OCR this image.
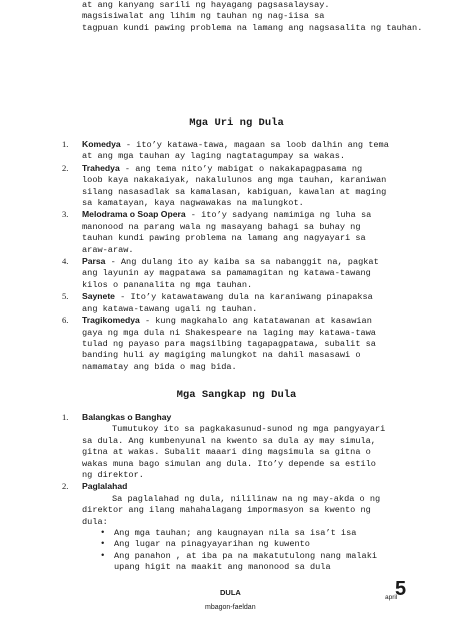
at ang kanyang sarili ng hayagang pagsasalaysay.
magsisiwalat ang lihim ng tauhan ng nag-iisa sa
tagpuan kundi pawing problema na lamang ang nagsasalita ng tauhan.
Mga Uri ng Dula
1. Komedya - ito’y katawa-tawa, magaan sa loob dalhin ang tema
at ang mga tauhan ay laging nagtatagumpay sa wakas.
2. Trahedya - ang tema nito’y mabigat o nakakapagpasama ng
loob kaya nakakaiyak, nakalulunos ang mga tauhan, karaniwan
silang nasasadlak sa kamalasan, kabiguan, kawalan at maging
sa kamatayan, kaya nagwawakas na malungkot.
3. Melodrama o Soap Opera - ito’y sadyang namimiga ng luha sa
manonood na parang wala ng masayang bahagi sa buhay ng
tauhan kundi pawing problema na lamang ang nagyayari sa
araw-araw.
4. Parsa - Ang dulang ito ay kaiba sa sa nabanggit na, pagkat
ang layunin ay magpatawa sa pamamagitan ng katawa-tawang
kilos o pananalita ng mga tauhan.
5. Saynete - Ito’y katawatawang dula na karaniwang pinapaksa
ang katawa-tawang ugali ng tauhan.
6. Tragikomedya - kung magkahalo ang katatawanan at kasawian
gaya ng mga dula ni Shakespeare na laging may katawa-tawa
tulad ng payaso para magsilbing tagapagpatawa, subalit sa
banding huli ay magiging malungkot na dahil masasawi o
namamatay ang bida o mag bida.
Mga Sangkap ng Dula
1. Balangkas o Banghay
Tumutukoy ito sa pagkakasunud-sunod ng mga pangyayari
sa dula. Ang kumbenyunal na kwento sa dula ay may simula,
gitna at wakas. Subalit maaari ding magsimula sa gitna o
wakas muna bago simulan ang dula. Ito’y depende sa estilo
ng direktor.
2. Paglalahad
Sa paglalahad ng dula, nililinaw na ng may-akda o ng
direktor ang ilang mahahalagang impormasyon sa kwento ng
dula:
• Ang mga tauhan; ang kaugnayan nila sa isa’t isa
• Ang lugar na pinagyayarihan ng kuwento
• Ang panahon , at iba pa na makatutulong nang malaki
upang higit na maakit ang manonood sa dula
DULA
mbagon-faeldan
5
april
